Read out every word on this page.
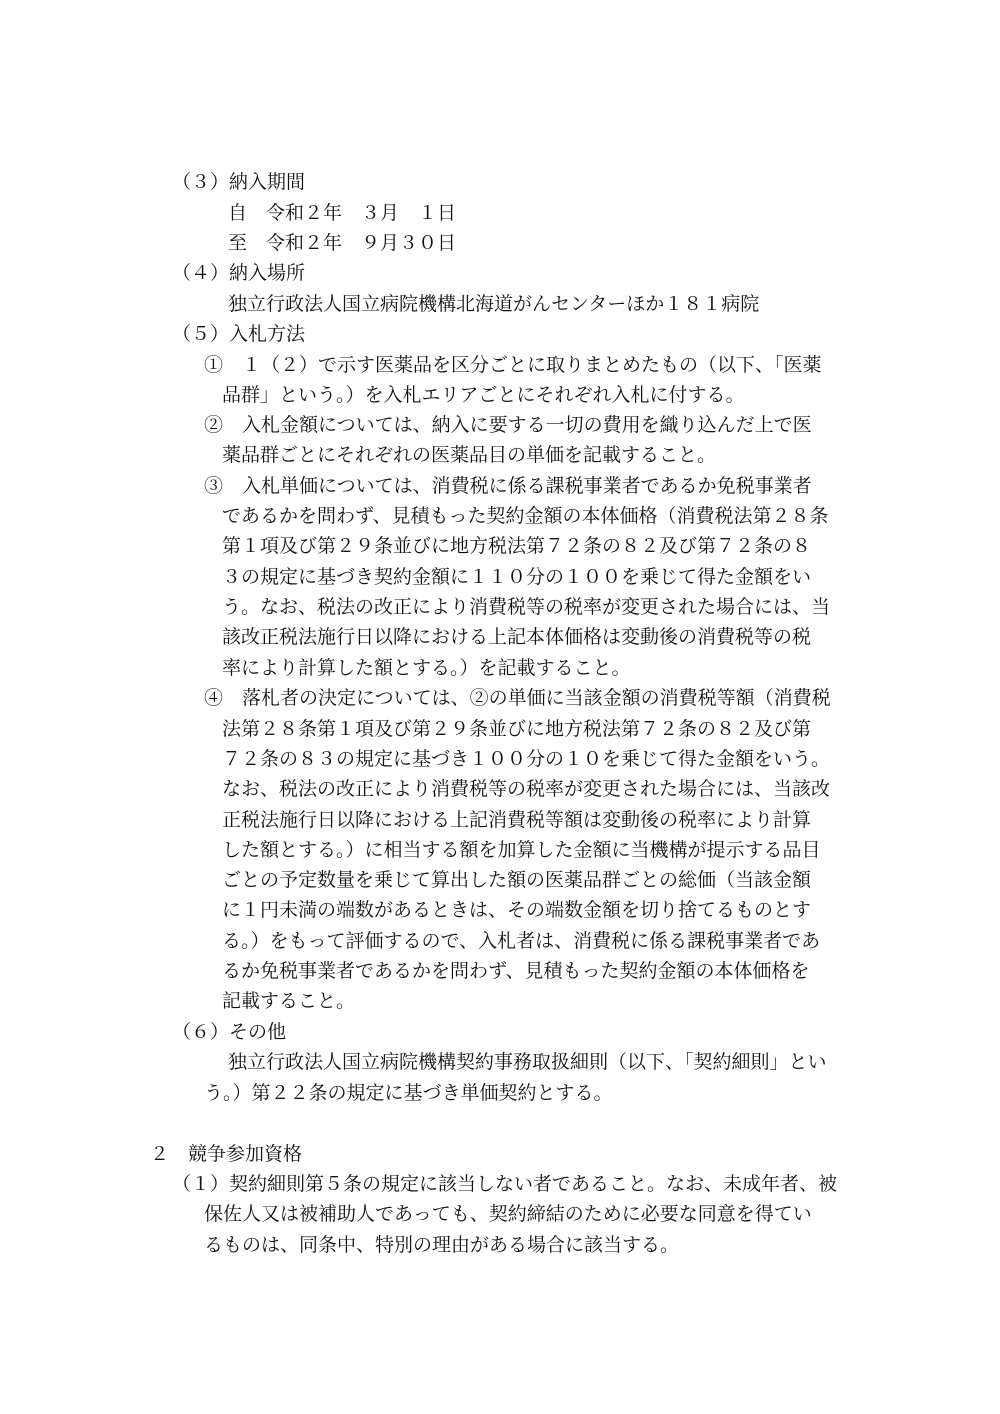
（３）納入期間
自　令和２年　３月　１日
至　令和２年　９月３０日
（４）納入場所
独立行政法人国立病院機構北海道がんセンターほか１８１病院
（５）入札方法
①　１（２）で示す医薬品を区分ごとに取りまとめたもの（以下、「医薬
品群」という。）を入札エリアごとにそれぞれ入札に付する。
②　入札金額については、納入に要する一切の費用を織り込んだ上で医
薬品群ごとにそれぞれの医薬品目の単価を記載すること。
③　入札単価については、消費税に係る課税事業者であるか免税事業者
であるかを問わず、見積もった契約金額の本体価格（消費税法第２８条
第１項及び第２９条並びに地方税法第７２条の８２及び第７２条の８
３の規定に基づき契約金額に１１０分の１００を乗じて得た金額をい
う。なお、税法の改正により消費税等の税率が変更された場合には、当
該改正税法施行日以降における上記本体価格は変動後の消費税等の税
率により計算した額とする。）を記載すること。
④　落札者の決定については、②の単価に当該金額の消費税等額（消費税
法第２８条第１項及び第２９条並びに地方税法第７２条の８２及び第
７２条の８３の規定に基づき１００分の１０を乗じて得た金額をいう。
なお、税法の改正により消費税等の税率が変更された場合には、当該改
正税法施行日以降における上記消費税等額は変動後の税率により計算
した額とする。）に相当する額を加算した金額に当機構が提示する品目
ごとの予定数量を乗じて算出した額の医薬品群ごとの総価（当該金額
に１円未満の端数があるときは、その端数金額を切り捨てるものとす
る。）をもって評価するので、入札者は、消費税に係る課税事業者であ
るか免税事業者であるかを問わず、見積もった契約金額の本体価格を
記載すること。
（６）その他
独立行政法人国立病院機構契約事務取扱細則（以下、「契約細則」とい
う。）第２２条の規定に基づき単価契約とする。
２　競争参加資格
（１）契約細則第５条の規定に該当しない者であること。なお、未成年者、被
保佐人又は被補助人であっても、契約締結のために必要な同意を得てい
るものは、同条中、特別の理由がある場合に該当する。
